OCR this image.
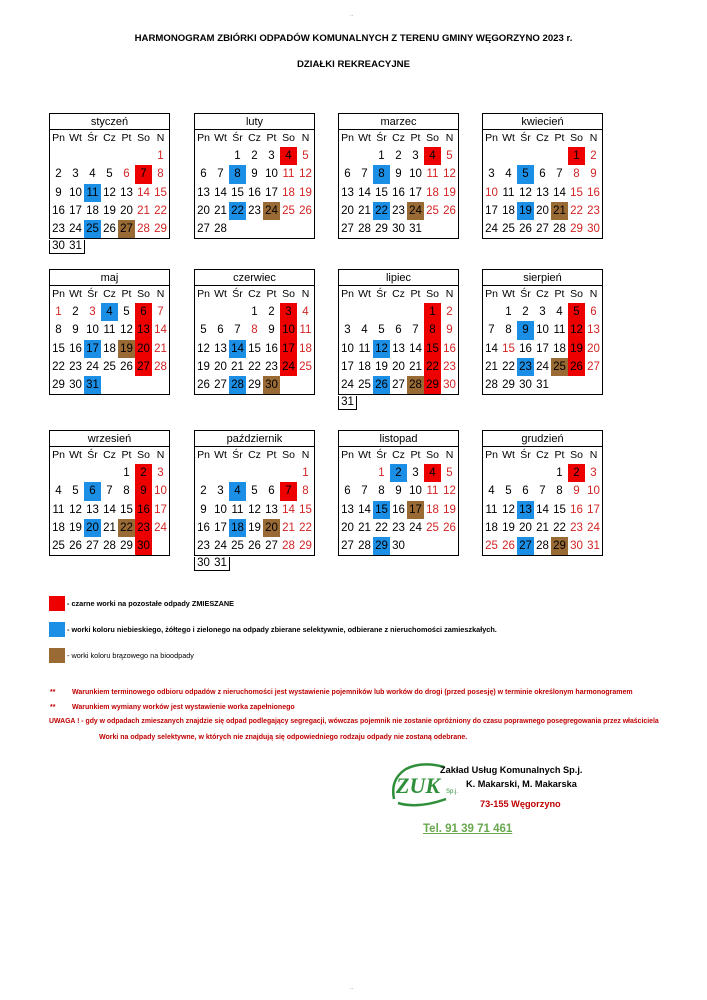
..
HARMONOGRAM ZBIÓRKI ODPADÓW KOMUNALNYCH Z TERENU GMINY WĘGORZYNO 2023 r.
DZIAŁKI REKREACYJNE
styczeń
Pn Wt Śr Cz Pt So N
1
2 3 4 5 6 7 8
9 10 11 12 13 14 15
16 17 18 19 20 21 22
23 24 25 26 27 28 29
30 31
luty
Pn Wt Śr Cz Pt So N
1 2 3 4 5
6 7 8 9 10 11 12
13 14 15 16 17 18 19
20 21 22 23 24 25 26
27 28
marzec
Pn Wt Śr Cz Pt So N
1 2 3 4 5
6 7 8 9 10 11 12
13 14 15 16 17 18 19
20 21 22 23 24 25 26
27 28 29 30 31
kwiecień
Pn Wt Śr Cz Pt So N
1 2
3 4 5 6 7 8 9
10 11 12 13 14 15 16
17 18 19 20 21 22 23
24 25 26 27 28 29 30
maj
Pn Wt Śr Cz Pt So N
1 2 3 4 5 6 7
8 9 10 11 12 13 14
15 16 17 18 19 20 21
22 23 24 25 26 27 28
29 30 31
czerwiec
Pn Wt Śr Cz Pt So N
1 2 3 4
5 6 7 8 9 10 11
12 13 14 15 16 17 18
19 20 21 22 23 24 25
26 27 28 29 30
lipiec
Pn Wt Śr Cz Pt So N
1 2
3 4 5 6 7 8 9
10 11 12 13 14 15 16
17 18 19 20 21 22 23
24 25 26 27 28 29 30
31
sierpień
Pn Wt Śr Cz Pt So N
1 2 3 4 5 6
7 8 9 10 11 12 13
14 15 16 17 18 19 20
21 22 23 24 25 26 27
28 29 30 31
wrzesień
Pn Wt Śr Cz Pt So N
1 2 3
4 5 6 7 8 9 10
11 12 13 14 15 16 17
18 19 20 21 22 23 24
25 26 27 28 29 30
październik
Pn Wt Śr Cz Pt So N
1
2 3 4 5 6 7 8
9 10 11 12 13 14 15
16 17 18 19 20 21 22
23 24 25 26 27 28 29
30 31
listopad
Pn Wt Śr Cz Pt So N
1 2 3 4 5
6 7 8 9 10 11 12
13 14 15 16 17 18 19
20 21 22 23 24 25 26
27 28 29 30
grudzień
Pn Wt Śr Cz Pt So N
1 2 3
4 5 6 7 8 9 10
11 12 13 14 15 16 17
18 19 20 21 22 23 24
25 26 27 28 29 30 31
- czarne worki na pozostałe odpady ZMIESZANE
- worki koloru niebieskiego, żółtego i zielonego na odpady zbierane selektywnie, odbierane z nieruchomości zamieszkałych.
- worki koloru brązowego na bioodpady
** Warunkiem terminowego odbioru odpadów z nieruchomości jest wystawienie pojemników lub worków do drogi (przed posesję) w terminie określonym harmonogramem
** Warunkiem wymiany worków jest wystawienie worka zapełnionego
UWAGA ! - gdy w odpadach zmieszanych znajdzie się odpad podlegający segregacji, wówczas pojemnik nie zostanie opróżniony do czasu poprawnego posegregowania przez właściciela
Worki na odpady selektywne, w których nie znajdują się odpowiedniego rodzaju odpady nie zostaną odebrane.
ZUK Sp.j.
Zakład Usług Komunalnych Sp.j.
K. Makarski, M. Makarska
73-155 Węgorzyno
Tel. 91 39 71 461
..
